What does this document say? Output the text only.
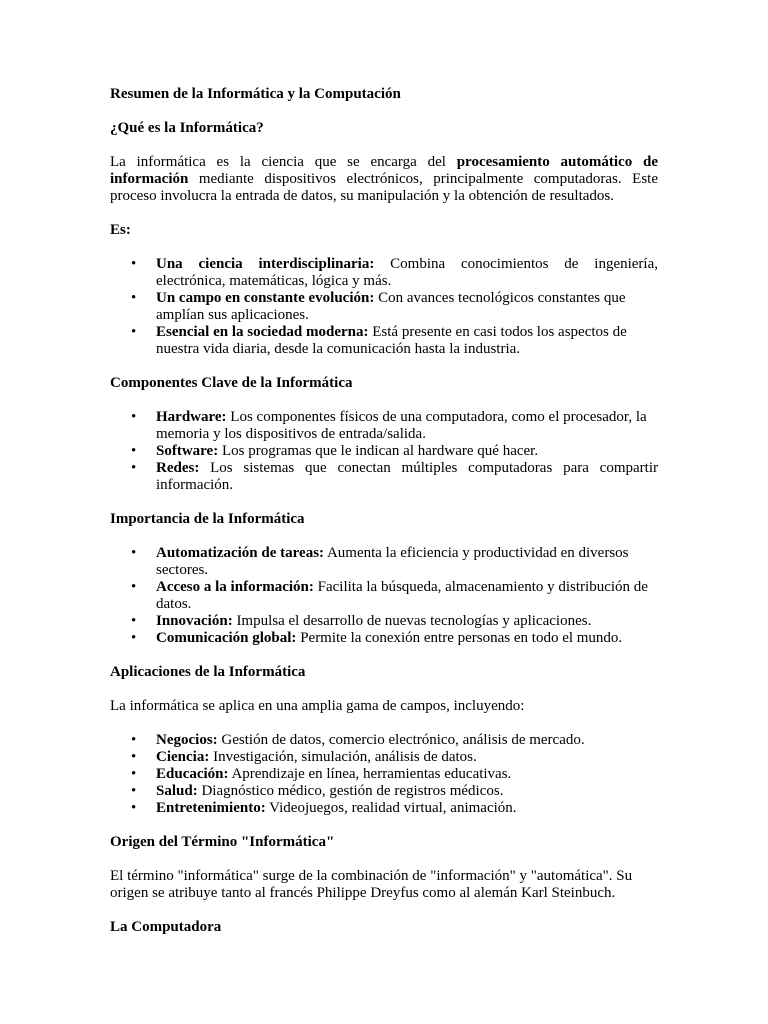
Resumen de la Informática y la Computación
¿Qué es la Informática?

La informática es la ciencia que se encarga del procesamiento automático de información mediante dispositivos electrónicos, principalmente computadoras. Este proceso involucra la entrada de datos, su manipulación y la obtención de resultados.

Es:
• Una ciencia interdisciplinaria: Combina conocimientos de ingeniería, electrónica, matemáticas, lógica y más.
• Un campo en constante evolución: Con avances tecnológicos constantes que amplían sus aplicaciones.
• Esencial en la sociedad moderna: Está presente en casi todos los aspectos de nuestra vida diaria, desde la comunicación hasta la industria.
Componentes Clave de la Informática
• Hardware: Los componentes físicos de una computadora, como el procesador, la memoria y los dispositivos de entrada/salida.
• Software: Los programas que le indican al hardware qué hacer.
• Redes: Los sistemas que conectan múltiples computadoras para compartir información.
Importancia de la Informática
• Automatización de tareas: Aumenta la eficiencia y productividad en diversos sectores.
• Acceso a la información: Facilita la búsqueda, almacenamiento y distribución de datos.
• Innovación: Impulsa el desarrollo de nuevas tecnologías y aplicaciones.
• Comunicación global: Permite la conexión entre personas en todo el mundo.
Aplicaciones de la Informática

La informática se aplica en una amplia gama de campos, incluyendo:

• Negocios: Gestión de datos, comercio electrónico, análisis de mercado.
• Ciencia: Investigación, simulación, análisis de datos.
• Educación: Aprendizaje en línea, herramientas educativas.
• Salud: Diagnóstico médico, gestión de registros médicos.
• Entretenimiento: Videojuegos, realidad virtual, animación.
Origen del Término "Informática"

El término "informática" surge de la combinación de "información" y "automática". Su origen se atribuye tanto al francés Philippe Dreyfus como al alemán Karl Steinbuch.

La Computadora
